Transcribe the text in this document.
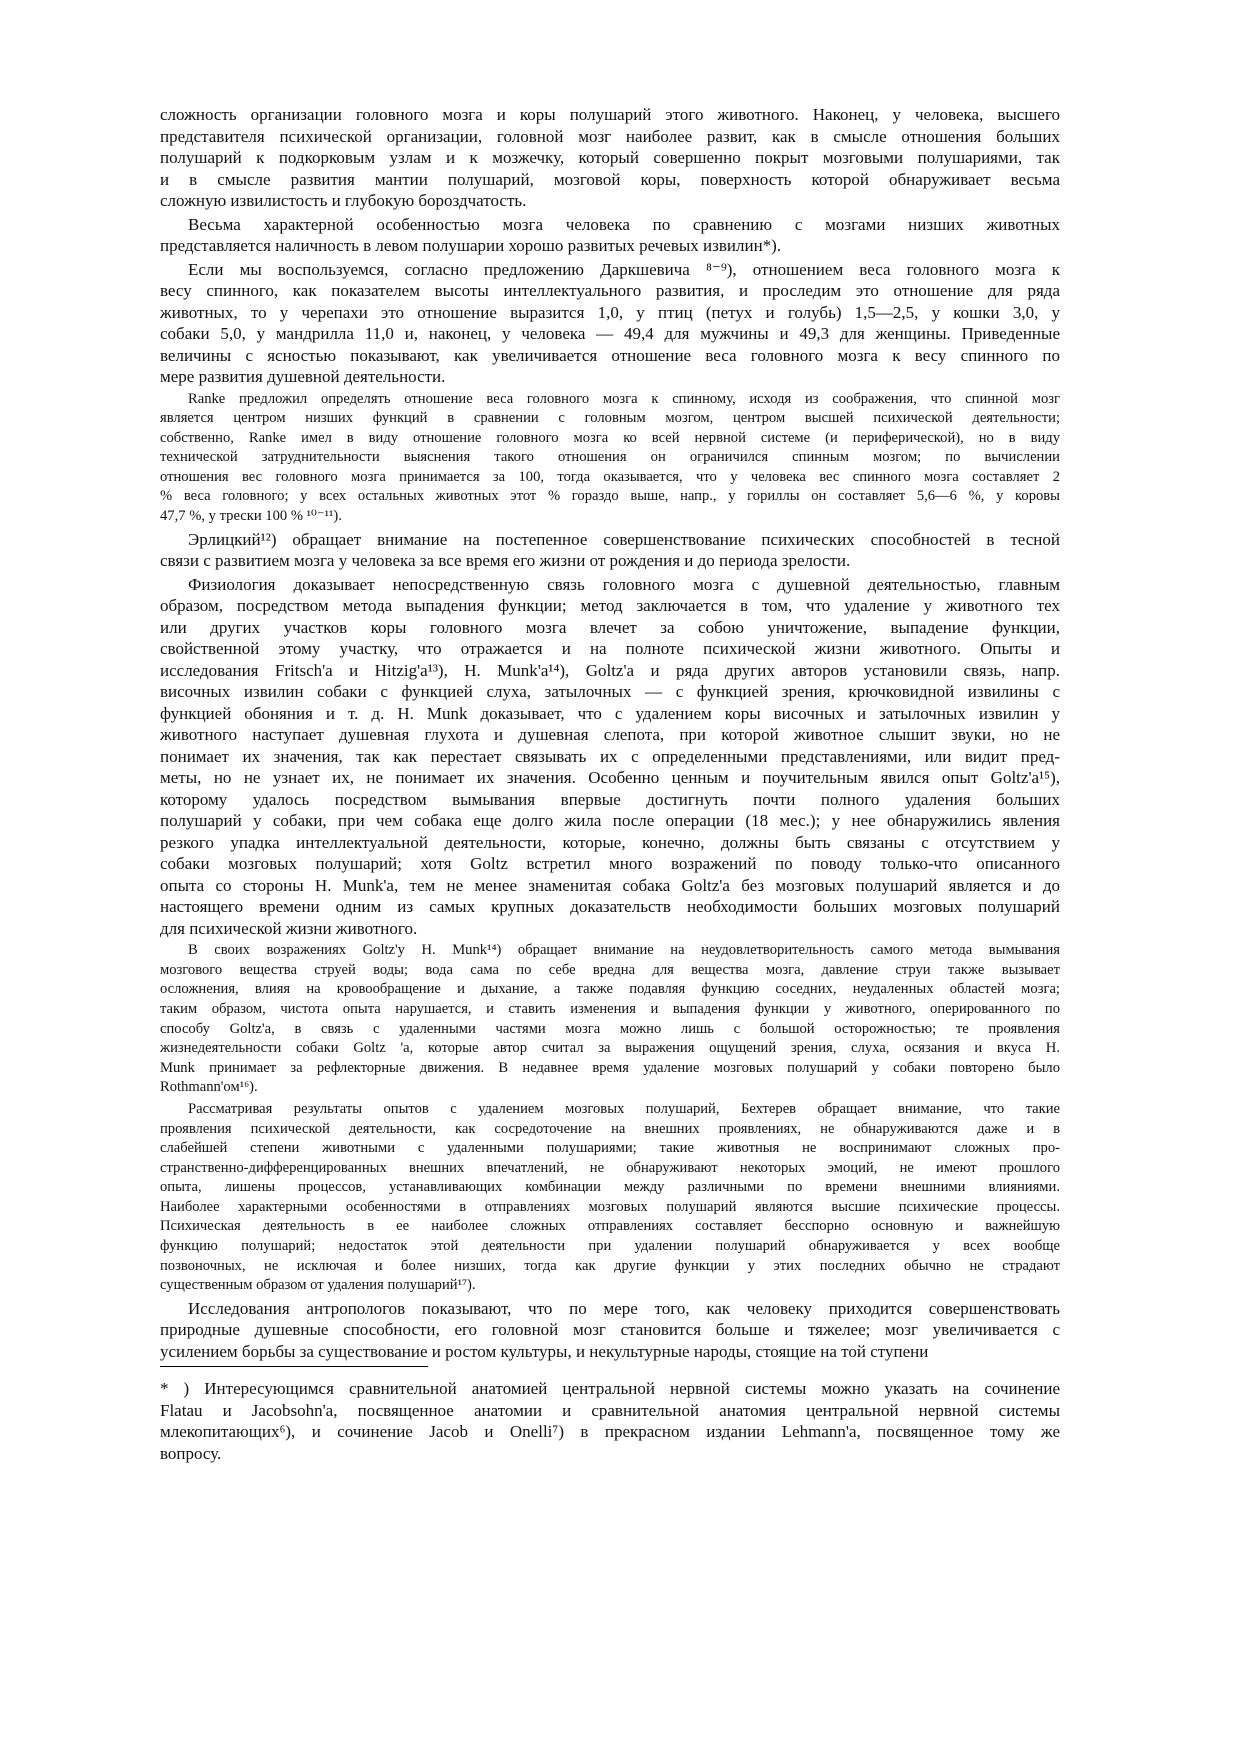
сложность организации головного мозга и коры полушарий этого животного. Наконец, у человека, высшего
представителя психической организации, головной мозг наиболее развит, как в смысле отношения больших
полушарий к подкорковым узлам и к мозжечку, который совершенно покрыт мозговыми полушариями, так
и в смысле развития мантии полушарий, мозговой коры, поверхность которой обнаруживает весьма
сложную извилистость и глубокую бороздчатость.
Весьма характерной особенностью мозга человека по сравнению с мозгами низших животных
представляется наличность в левом полушарии хорошо развитых речевых извилин*).
Если мы воспользуемся, согласно предложению Даркшевича ⁸⁻⁹), отношением веса головного мозга к
весу спинного, как показателем высоты интеллектуального развития, и проследим это отношение для ряда
животных, то у черепахи это отношение выразится 1,0, у птиц (петух и голубь) 1,5—2,5, у кошки 3,0, у
собаки 5,0, у мандрилла 11,0 и, наконец, у человека — 49,4 для мужчины и 49,3 для женщины. Приведенные
величины с ясностью показывают, как увеличивается отношение веса головного мозга к весу спинного по
мере развития душевной деятельности.
Ranke предложил определять отношение веса головного мозга к спинному, исходя из соображения, что спинной мозг
является центром низших функций в сравнении с головным мозгом, центром высшей психической деятельности;
собственно, Ranke имел в виду отношение головного мозга ко всей нервной системе (и периферической), но в виду
технической затруднительности выяснения такого отношения он ограничился спинным мозгом; по вычислении
отношения вес головного мозга принимается за 100, тогда оказывается, что у человека вес спинного мозга составляет 2
% веса головного; у всех остальных животных этот % гораздо выше, напр., у гориллы он составляет 5,6—6 %, у коровы
47,7 %, у трески 100 % ¹⁰⁻¹¹).
Эрлицкий¹²) обращает внимание на постепенное совершенствование психических способностей в тесной
связи с развитием мозга у человека за все время его жизни от рождения и до периода зрелости.
Физиология доказывает непосредственную связь головного мозга с душевной деятельностью, главным
образом, посредством метода выпадения функции; метод заключается в том, что удаление у животного тех
или других участков коры головного мозга влечет за собою уничтожение, выпадение функции,
свойственной этому участку, что отражается и на полноте психической жизни животного. Опыты и
исследования Fritsch'a и Hitzig'a¹³), H. Munk'a¹⁴), Goltz'a и ряда других авторов установили связь, напр.
височных извилин собаки с функцией слуха, затылочных — с функцией зрения, крючковидной извилины с
функцией обоняния и т. д. H. Munk доказывает, что с удалением коры височных и затылочных извилин у
животного наступает душевная глухота и душевная слепота, при которой животное слышит звуки, но не
понимает их значения, так как перестает связывать их с определенными представлениями, или видит пред-
меты, но не узнает их, не понимает их значения. Особенно ценным и поучительным явился опыт Goltz'a¹⁵),
которому удалось посредством вымывания впервые достигнуть почти полного удаления больших
полушарий у собаки, при чем собака еще долго жила после операции (18 мес.); у нее обнаружились явления
резкого упадка интеллектуальной деятельности, которые, конечно, должны быть связаны с отсутствием у
собаки мозговых полушарий; хотя Goltz встретил много возражений по поводу только-что описанного
опыта со стороны H. Munk'a, тем не менее знаменитая собака Goltz'a без мозговых полушарий является и до
настоящего времени одним из самых крупных доказательств необходимости больших мозговых полушарий
для психической жизни животного.
В своих возражениях Goltz'y H. Munk¹⁴) обращает внимание на неудовлетворительность самого метода вымывания
мозгового вещества струей воды; вода сама по себе вредна для вещества мозга, давление струи также вызывает
осложнения, влияя на кровообращение и дыхание, а также подавляя функцию соседних, неудаленных областей мозга;
таким образом, чистота опыта нарушается, и ставить изменения и выпадения функции у животного, оперированного по
способу Goltz'a, в связь с удаленными частями мозга можно лишь с большой осторожностью; те проявления
жизнедеятельности собаки Goltz 'a, которые автор считал за выражения ощущений зрения, слуха, осязания и вкуса H.
Munk принимает за рефлекторные движения. В недавнее время удаление мозговых полушарий у собаки повторено было
Rothmann'ом¹⁶).
Рассматривая результаты опытов с удалением мозговых полушарий, Бехтерев обращает внимание, что такие
проявления психической деятельности, как сосредоточение на внешних проявлениях, не обнаруживаются даже и в
слабейшей степени животными с удаленными полушариями; такие животныя не воспринимают сложных про-
странственно-дифференцированных внешних впечатлений, не обнаруживают некоторых эмоций, не имеют прошлого
опыта, лишены процессов, устанавливающих комбинации между различными по времени внешними влияниями.
Наиболее характерными особенностями в отправлениях мозговых полушарий являются высшие психические процессы.
Психическая деятельность в ее наиболее сложных отправлениях составляет бесспорно основную и важнейшую
функцию полушарий; недостаток этой деятельности при удалении полушарий обнаруживается у всех вообще
позвоночных, не исключая и более низших, тогда как другие функции у этих последних обычно не страдают
существенным образом от удаления полушарий¹⁷).
Исследования антропологов показывают, что по мере того, как человеку приходится совершенствовать
природные душевные способности, его головной мозг становится больше и тяжелее; мозг увеличивается с
усилением борьбы за существование и ростом культуры, и некультурные народы, стоящие на той ступени
* ) Интересующимся сравнительной анатомией центральной нервной системы можно указать на сочинение
Flatau и Jacobsohn'a, посвященное анатомии и сравнительной анатомия центральной нервной системы
млекопитающих⁶), и сочинение Jacob и Onelli⁷) в прекрасном издании Lehmann'a, посвященное тому же
вопросу.
